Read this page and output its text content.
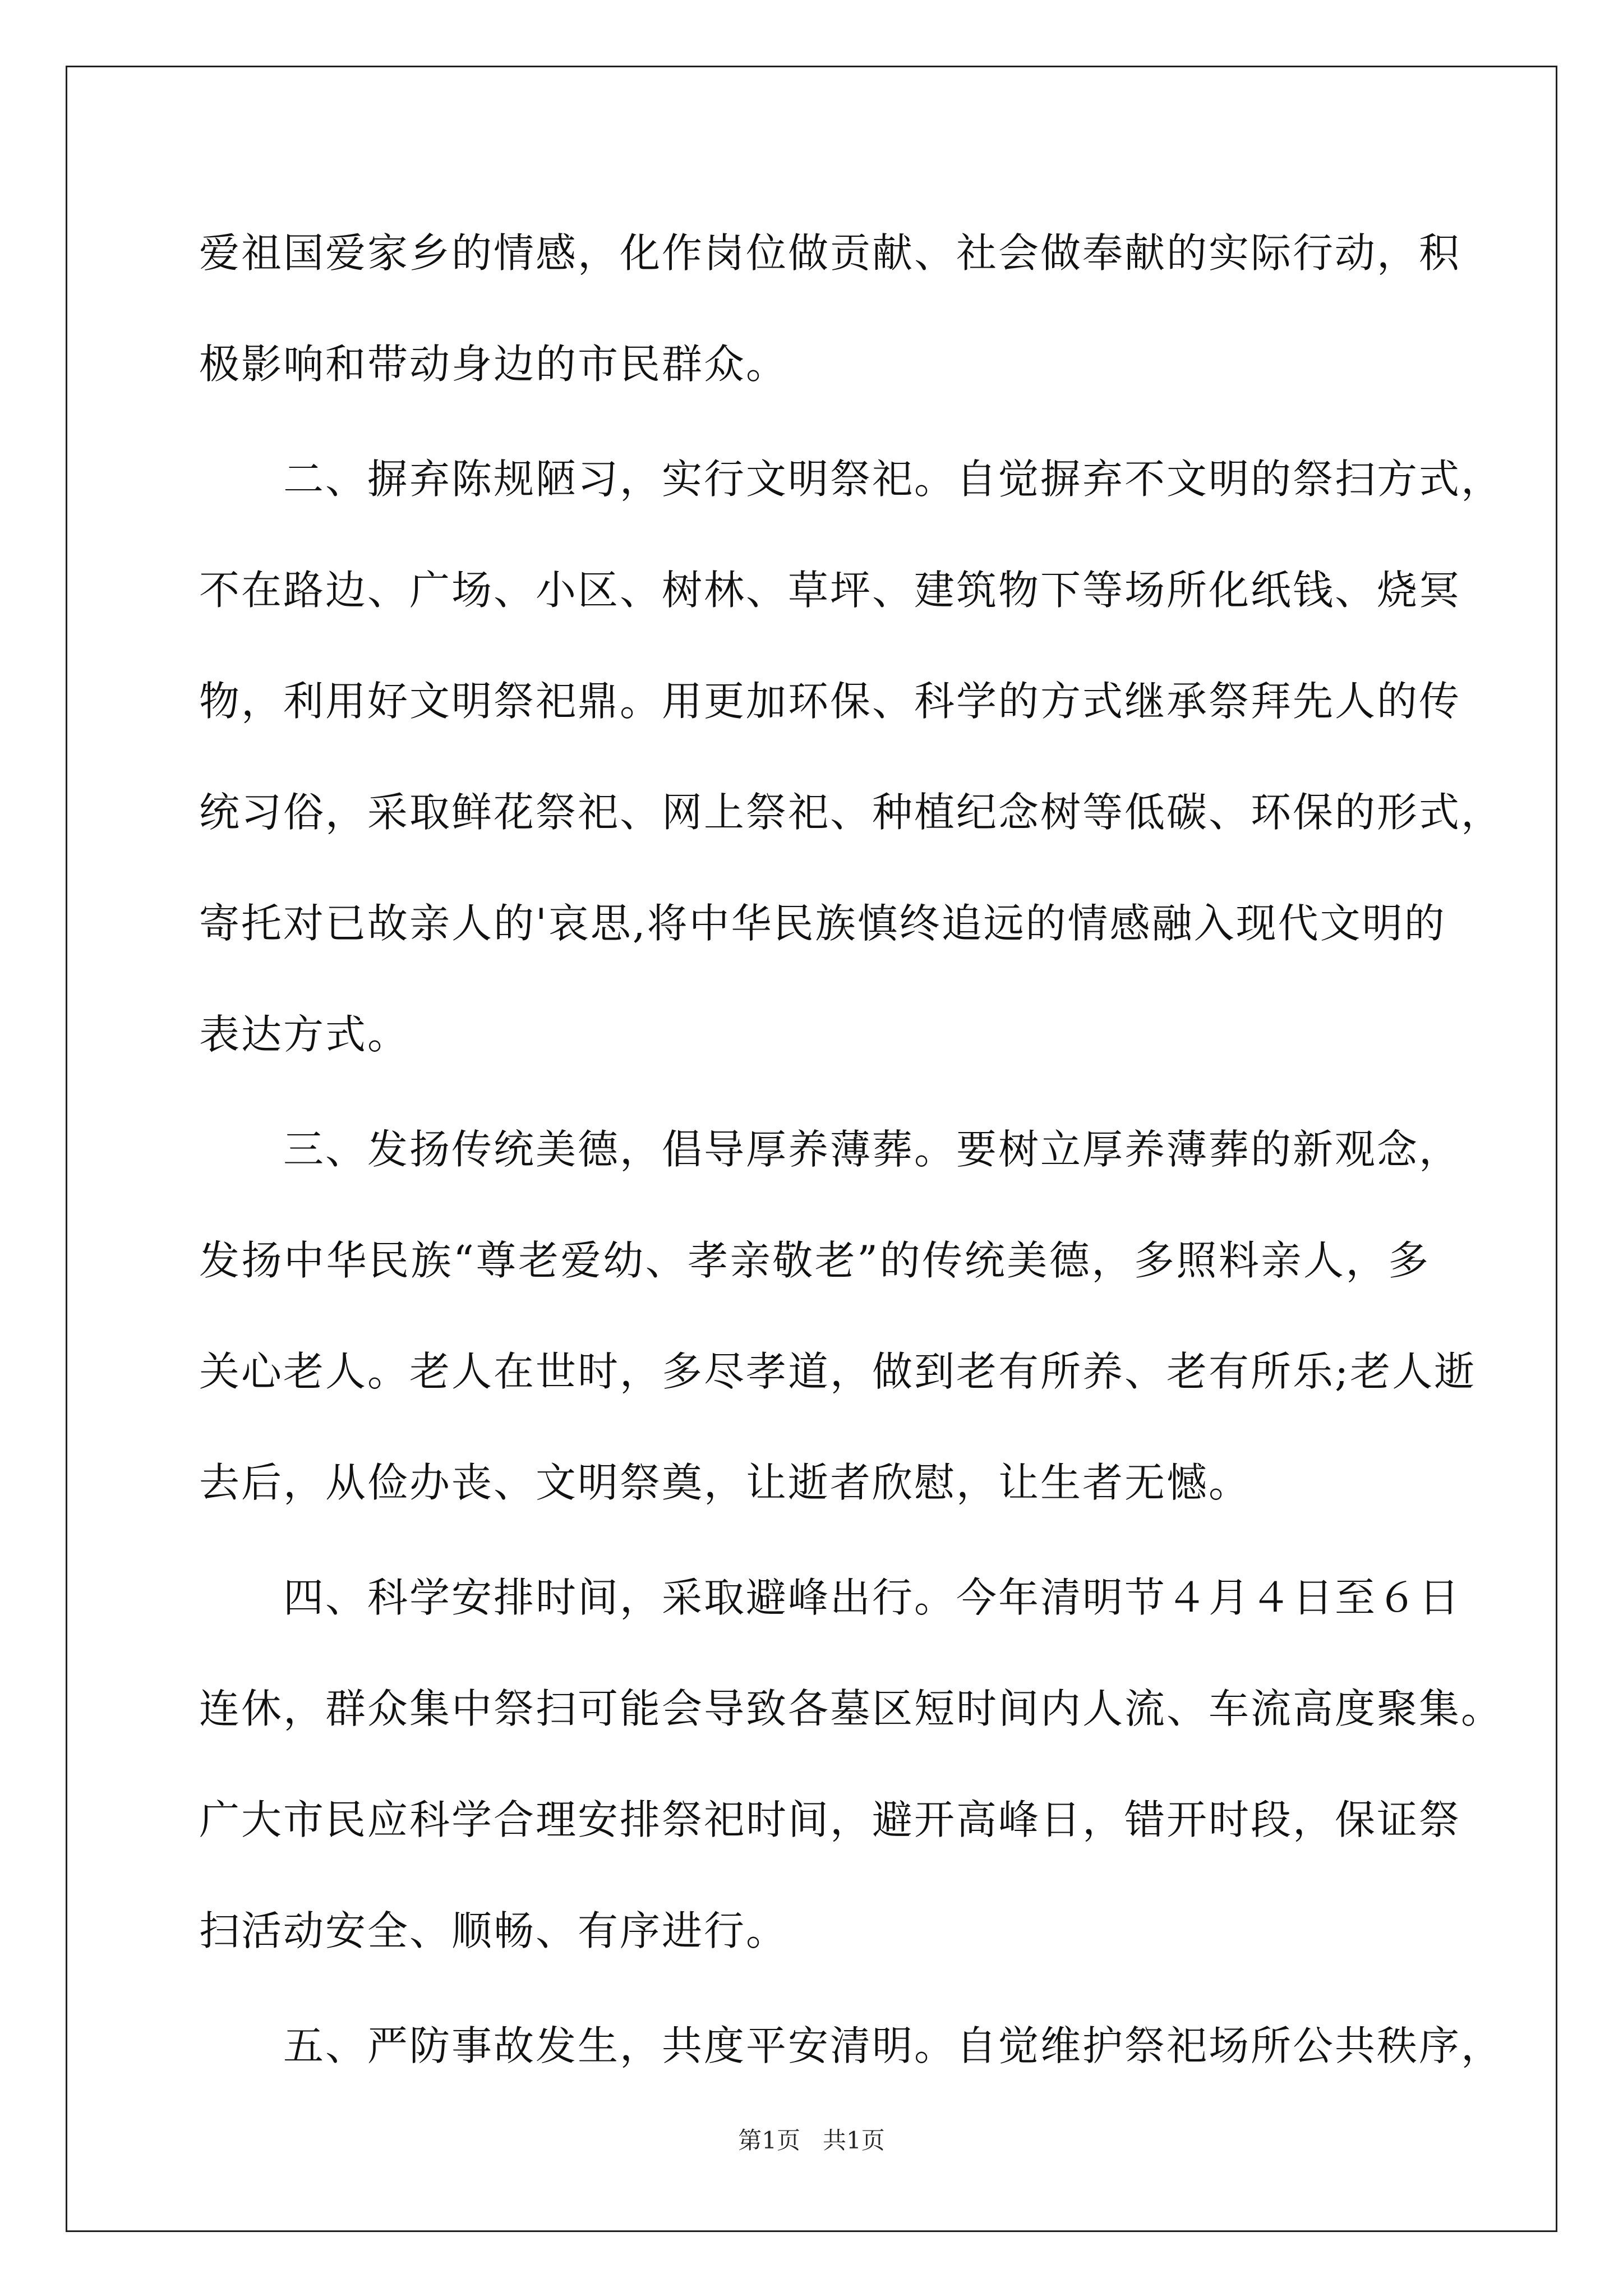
爱祖国爱家乡的情感，化作岗位做贡献、社会做奉献的实际行动，积
极影响和带动身边的市民群众。
二、摒弃陈规陋习，实行文明祭祀。自觉摒弃不文明的祭扫方式，
不在路边、广场、小区、树林、草坪、建筑物下等场所化纸钱、烧冥
物，利用好文明祭祀鼎。用更加环保、科学的方式继承祭拜先人的传
统习俗，采取鲜花祭祀、网上祭祀、种植纪念树等低碳、环保的形式，
寄托对已故亲人的'哀思,将中华民族慎终追远的情感融入现代文明的
表达方式。
三、发扬传统美德，倡导厚养薄葬。要树立厚养薄葬的新观念，
发扬中华民族“尊老爱幼、孝亲敬老”的传统美德，多照料亲人，多
关心老人。老人在世时，多尽孝道，做到老有所养、老有所乐;老人逝
去后，从俭办丧、文明祭奠，让逝者欣慰，让生者无憾。
四、科学安排时间，采取避峰出行。今年清明节４月４日至６日
连休，群众集中祭扫可能会导致各墓区短时间内人流、车流高度聚集。
广大市民应科学合理安排祭祀时间，避开高峰日，错开时段，保证祭
扫活动安全、顺畅、有序进行。
五、严防事故发生，共度平安清明。自觉维护祭祀场所公共秩序，
第1页 共1页
